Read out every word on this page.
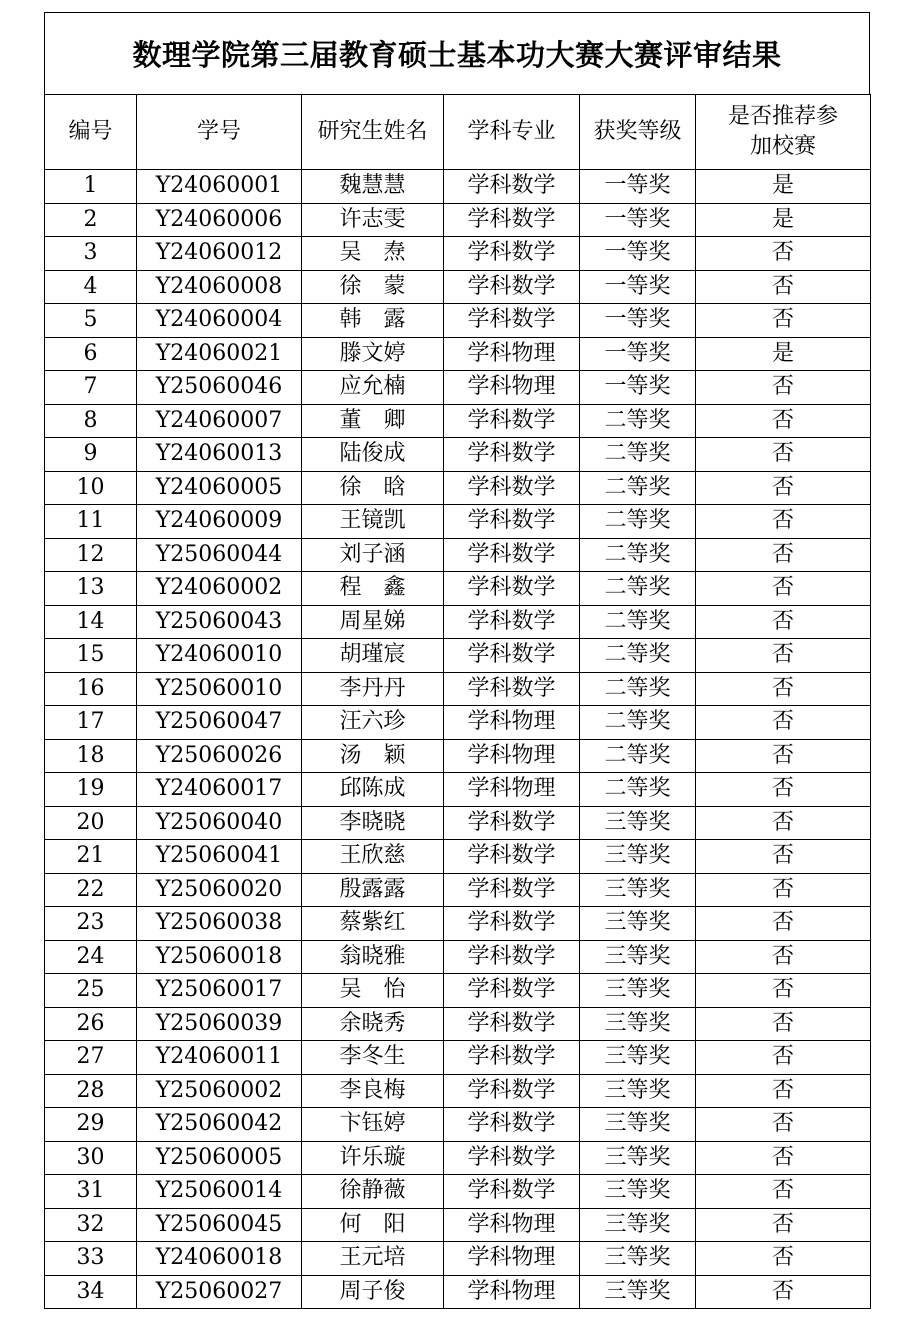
数理学院第三届教育硕士基本功大赛大赛评审结果
编号	学号	研究生姓名	学科专业	获奖等级	是否推荐参加校赛
1	Y24060001	魏慧慧	学科数学	一等奖	是
2	Y24060006	许志雯	学科数学	一等奖	是
3	Y24060012	吴　焘	学科数学	一等奖	否
4	Y24060008	徐　蒙	学科数学	一等奖	否
5	Y24060004	韩　露	学科数学	一等奖	否
6	Y24060021	滕文婷	学科物理	一等奖	是
7	Y25060046	应允楠	学科物理	一等奖	否
8	Y24060007	董　卿	学科数学	二等奖	否
9	Y24060013	陆俊成	学科数学	二等奖	否
10	Y24060005	徐　晗	学科数学	二等奖	否
11	Y24060009	王镜凯	学科数学	二等奖	否
12	Y25060044	刘子涵	学科数学	二等奖	否
13	Y24060002	程　鑫	学科数学	二等奖	否
14	Y25060043	周星娣	学科数学	二等奖	否
15	Y24060010	胡瑾宸	学科数学	二等奖	否
16	Y25060010	李丹丹	学科数学	二等奖	否
17	Y25060047	汪六珍	学科物理	二等奖	否
18	Y25060026	汤　颖	学科物理	二等奖	否
19	Y24060017	邱陈成	学科物理	二等奖	否
20	Y25060040	李晓晓	学科数学	三等奖	否
21	Y25060041	王欣慈	学科数学	三等奖	否
22	Y25060020	殷露露	学科数学	三等奖	否
23	Y25060038	蔡紫红	学科数学	三等奖	否
24	Y25060018	翁晓雅	学科数学	三等奖	否
25	Y25060017	吴　怡	学科数学	三等奖	否
26	Y25060039	余晓秀	学科数学	三等奖	否
27	Y24060011	李冬生	学科数学	三等奖	否
28	Y25060002	李良梅	学科数学	三等奖	否
29	Y25060042	卞钰婷	学科数学	三等奖	否
30	Y25060005	许乐璇	学科数学	三等奖	否
31	Y25060014	徐静薇	学科数学	三等奖	否
32	Y25060045	何　阳	学科物理	三等奖	否
33	Y24060018	王元培	学科物理	三等奖	否
34	Y25060027	周子俊	学科物理	三等奖	否
